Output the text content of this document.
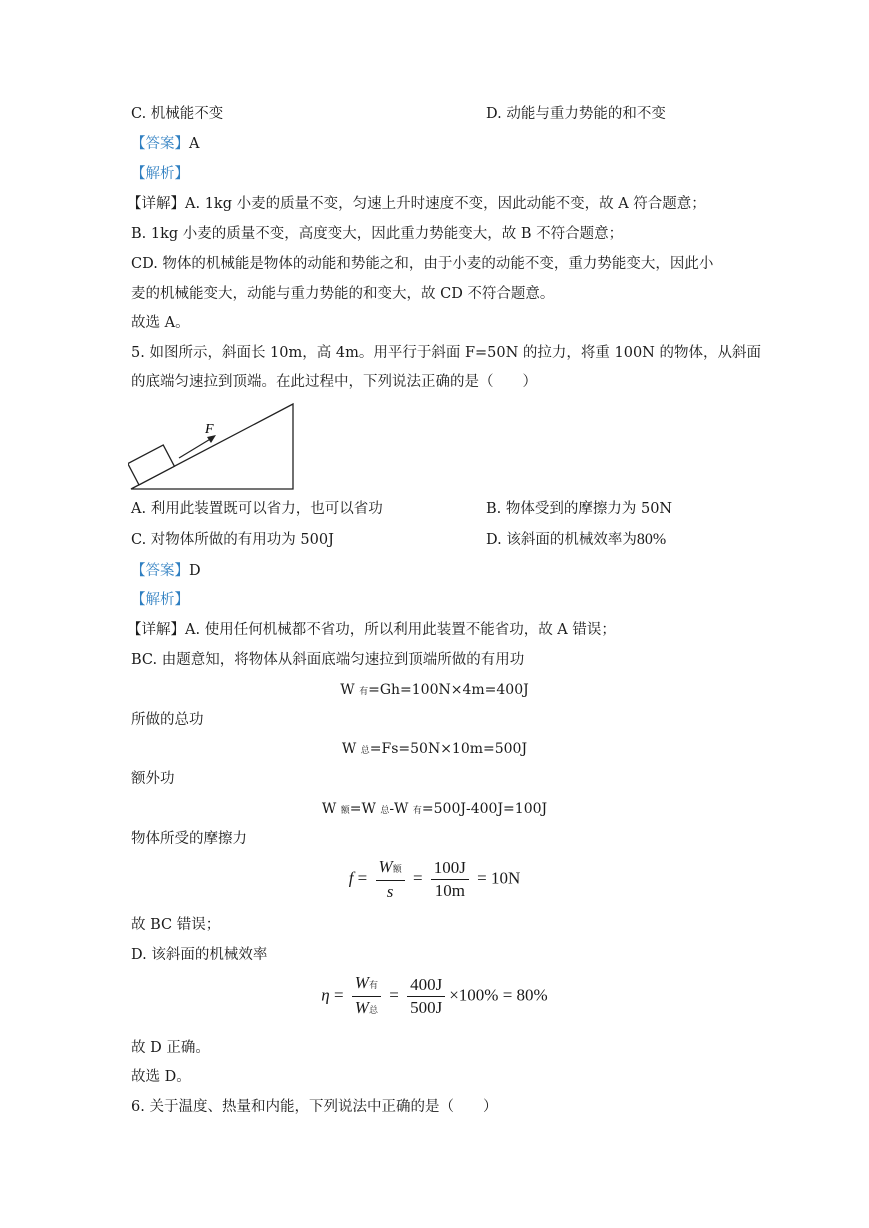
C. 机械能不变	D. 动能与重力势能的和不变
【答案】A
【解析】
【详解】A. 1kg 小麦的质量不变，匀速上升时速度不变，因此动能不变，故 A 符合题意；
B. 1kg 小麦的质量不变，高度变大，因此重力势能变大，故 B 不符合题意；
CD. 物体的机械能是物体的动能和势能之和，由于小麦的动能不变，重力势能变大，因此小
麦的机械能变大，动能与重力势能的和变大，故 CD 不符合题意。
故选 A。
5. 如图所示，斜面长 10m，高 4m。用平行于斜面 F=50N 的拉力，将重 100N 的物体，从斜面
的底端匀速拉到顶端。在此过程中，下列说法正确的是（　　）
F
A. 利用此装置既可以省力，也可以省功	B. 物体受到的摩擦力为 50N
C. 对物体所做的有用功为 500J	D. 该斜面的机械效率为80%
【答案】D
【解析】
【详解】A. 使用任何机械都不省功，所以利用此装置不能省功，故 A 错误；
BC. 由题意知，将物体从斜面底端匀速拉到顶端所做的有用功
W 有=Gh=100N×4m=400J
所做的总功
W 总=Fs=50N×10m=500J
额外功
W 额=W 总-W 有=500J-400J=100J
物体所受的摩擦力
$f = \frac{\text{W额}}{s} = \frac{100J}{10m} = 10N$
故 BC 错误；
D. 该斜面的机械效率
$\eta = \frac{\text{W有}}{\text{W总}} = \frac{400J}{500J} \times 100\% = 80\%$
故 D 正确。
故选 D。
6. 关于温度、热量和内能，下列说法中正确的是（　　）
